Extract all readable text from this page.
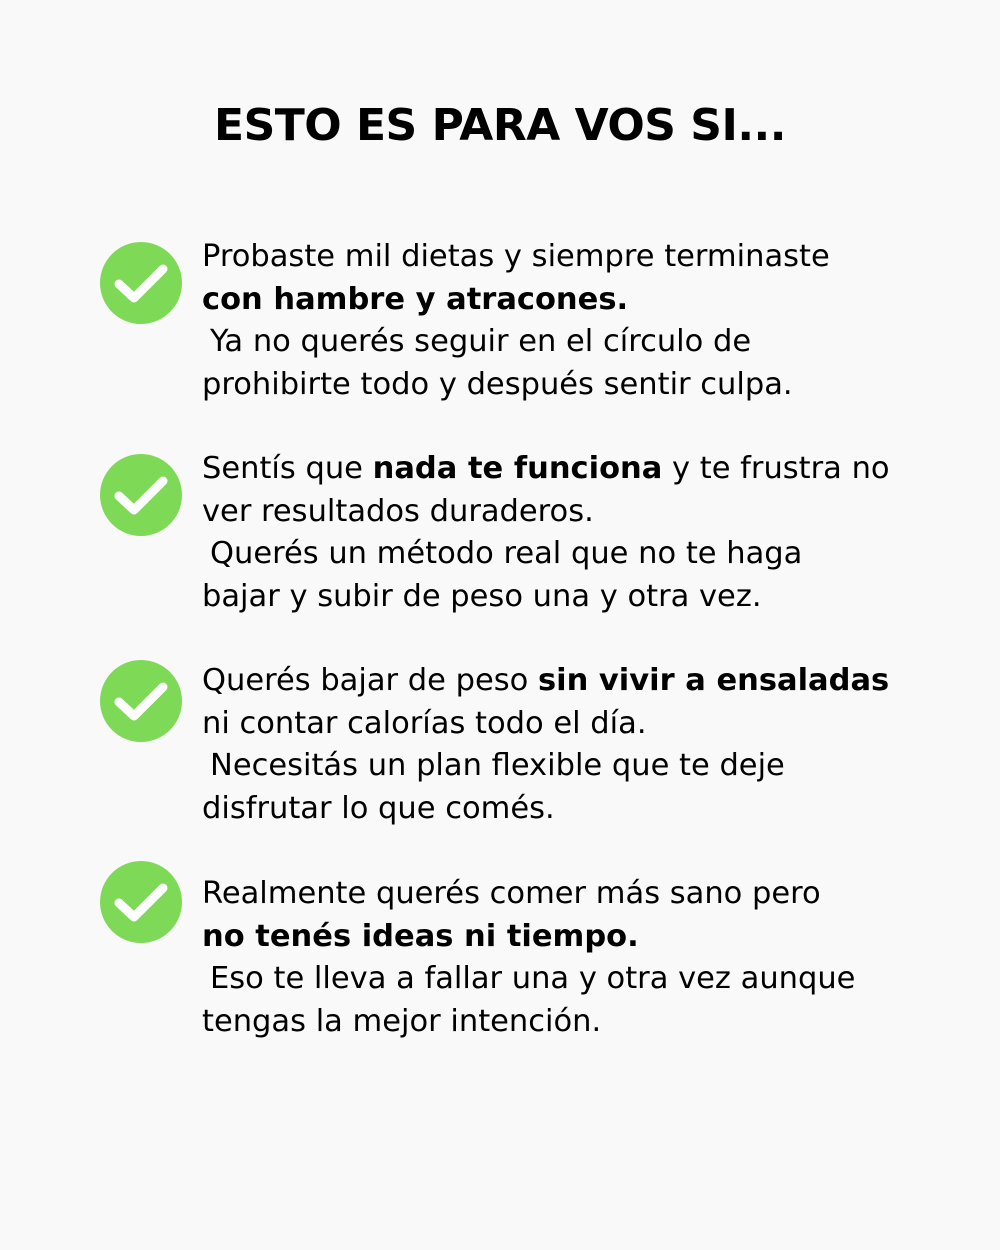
ESTO ES PARA VOS SI...
Probaste mil dietas y siempre terminaste
con hambre y atracones.
Ya no querés seguir en el círculo de
prohibirte todo y después sentir culpa.
Sentís que nada te funciona y te frustra no
ver resultados duraderos.
Querés un método real que no te haga
bajar y subir de peso una y otra vez.
Querés bajar de peso sin vivir a ensaladas
ni contar calorías todo el día.
Necesitás un plan flexible que te deje
disfrutar lo que comés.
Realmente querés comer más sano pero
no tenés ideas ni tiempo.
Eso te lleva a fallar una y otra vez aunque
tengas la mejor intención.
